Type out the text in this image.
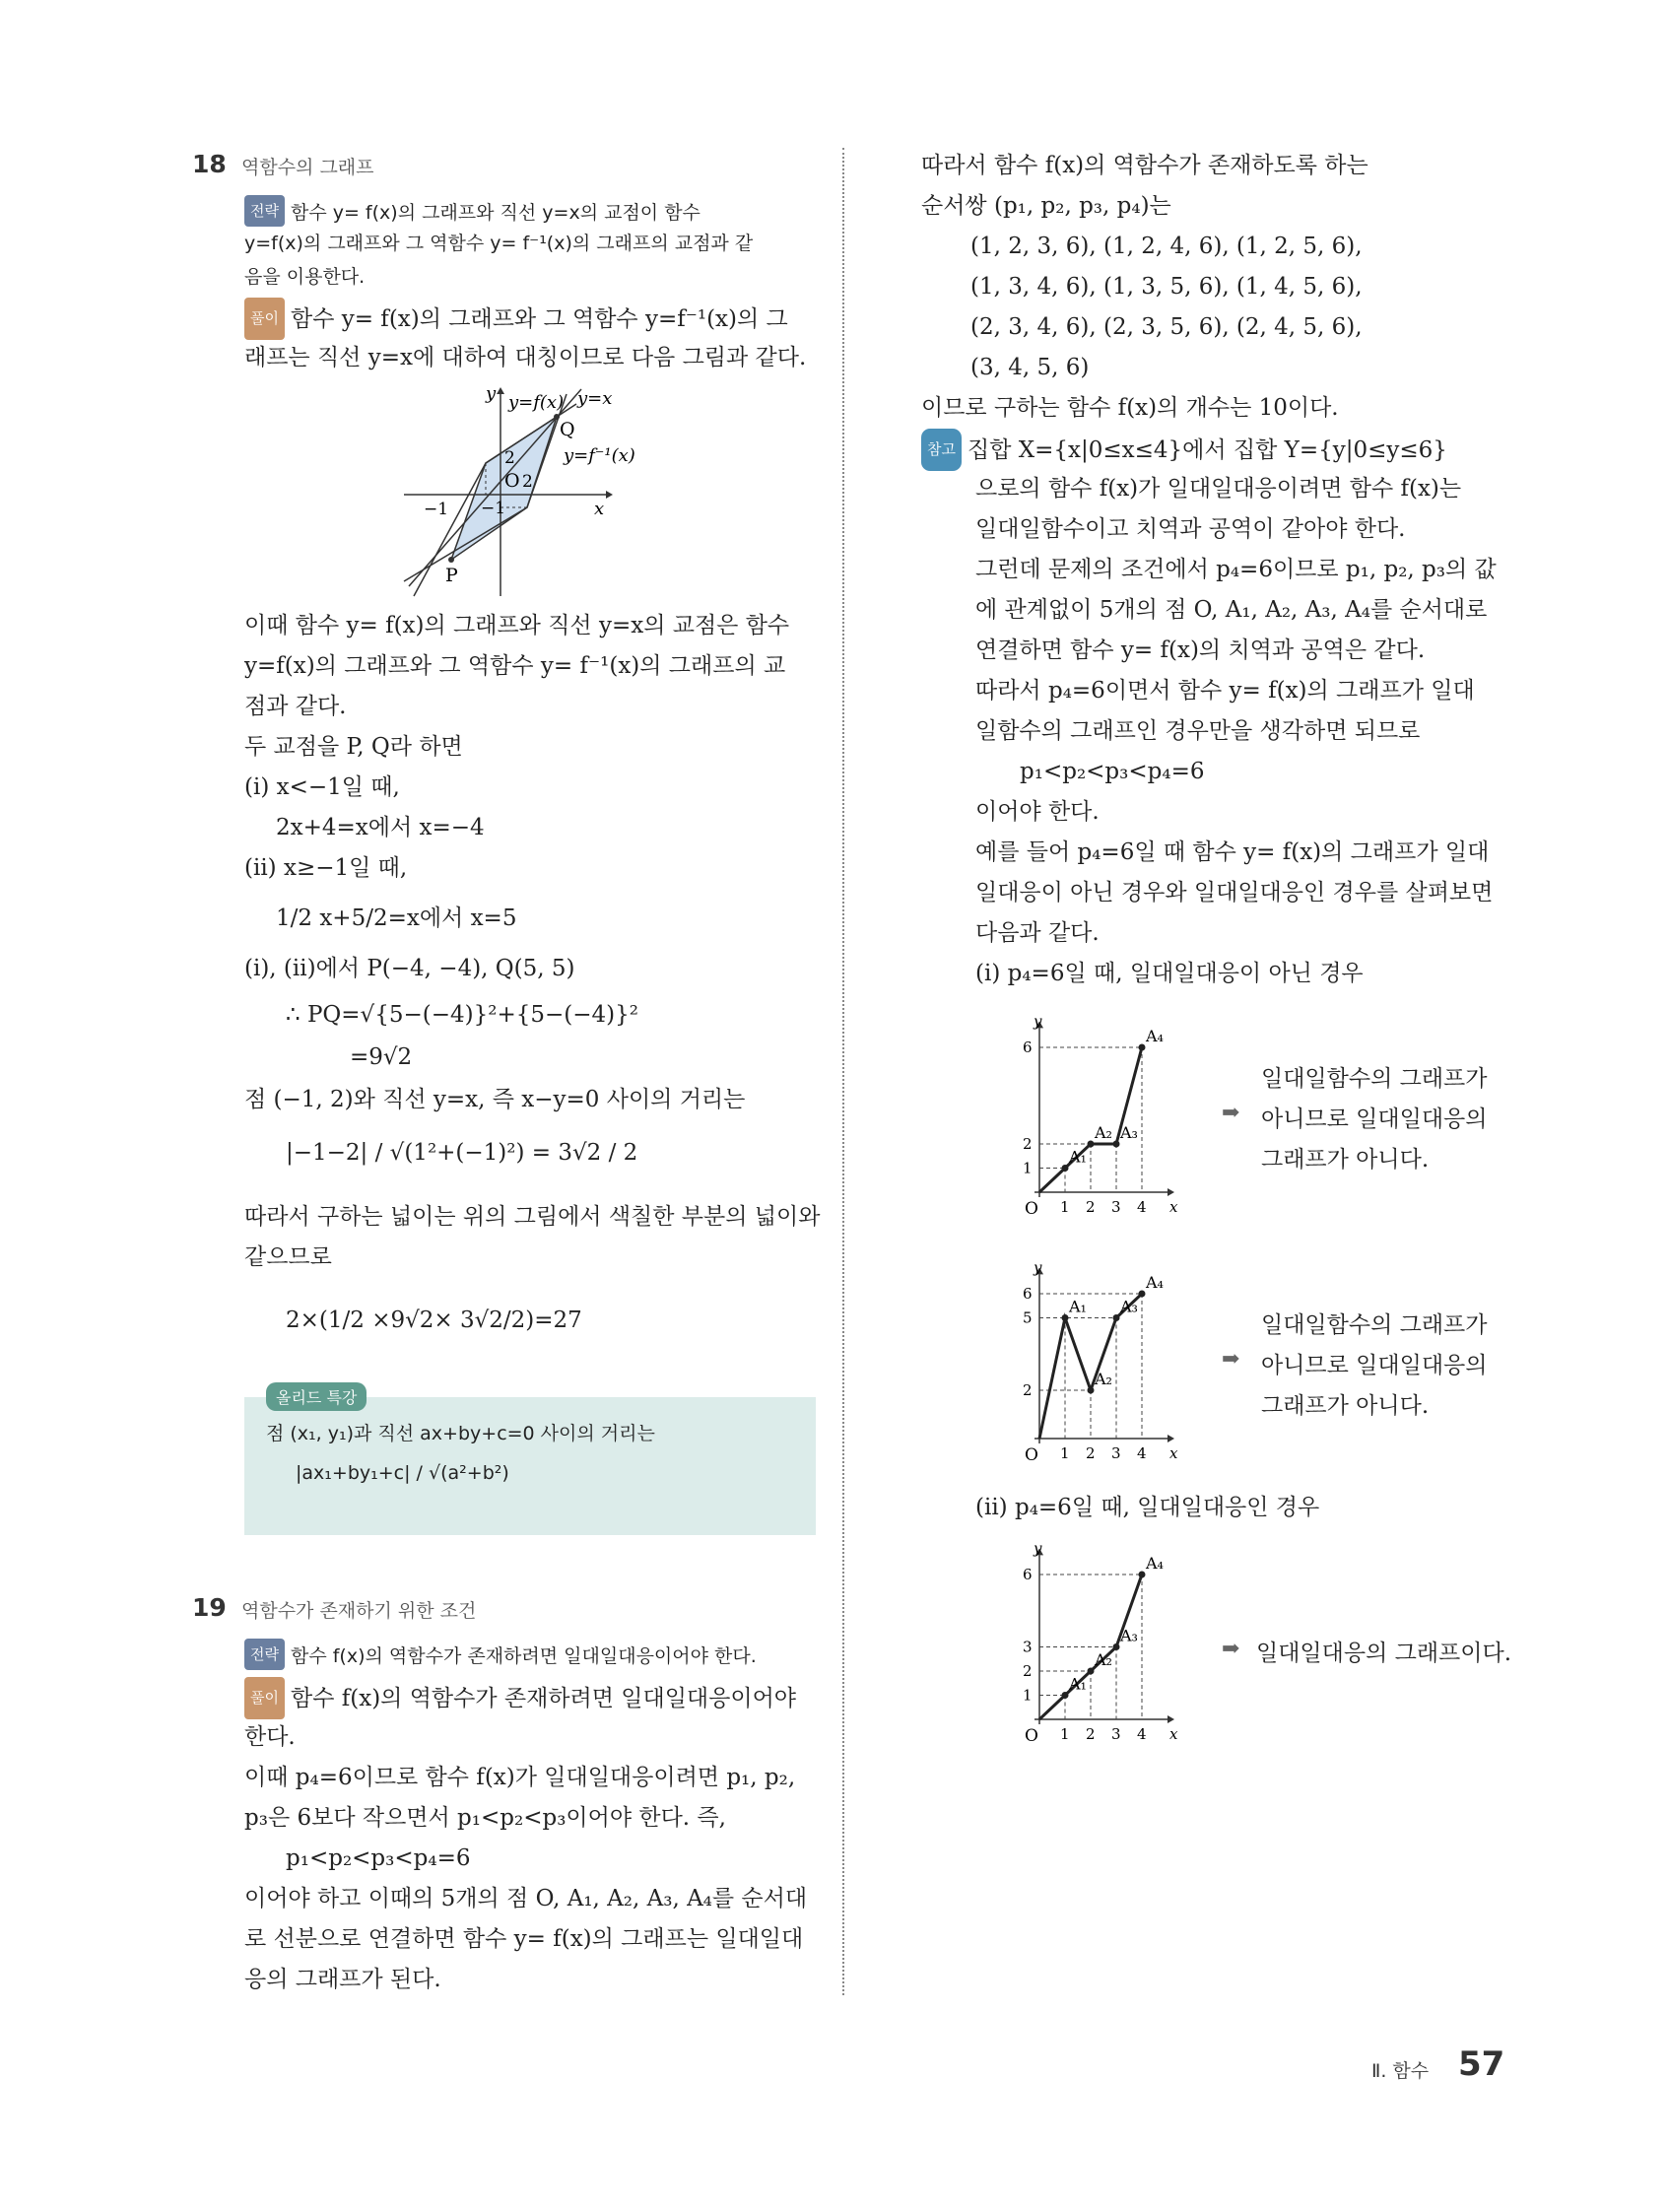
18 역함수의 그래프
전략 함수 y= f(x)의 그래프와 직선 y=x의 교점이 함수
y=f(x)의 그래프와 그 역함수 y= f⁻¹(x)의 그래프의 교점과 같
음을 이용한다.
풀이 함수 y= f(x)의 그래프와 그 역함수 y=f⁻¹(x)의 그
래프는 직선 y=x에 대하여 대칭이므로 다음 그림과 같다.
y
x
y=f(x) y=x
y=f⁻¹(x)
Q
P
O
2
2
−1 −1
이때 함수 y= f(x)의 그래프와 직선 y=x의 교점은 함수
y=f(x)의 그래프와 그 역함수 y= f⁻¹(x)의 그래프의 교
점과 같다.
두 교점을 P, Q라 하면
(i) x<−1일 때,
2x+4=x에서 x=−4
(ii) x≥−1일 때,
1/2 x+5/2=x에서 x=5
(i), (ii)에서 P(−4, −4), Q(5, 5)
∴ PQ=√{5−(−4)}²+{5−(−4)}²
=9√2
점 (−1, 2)와 직선 y=x, 즉 x−y=0 사이의 거리는
|−1−2| / √(1²+(−1)²) = 3√2 / 2
따라서 구하는 넓이는 위의 그림에서 색칠한 부분의 넓이와
같으므로
2×(1/2 ×9√2× 3√2/2)=27
올리드 특강
점 (x₁, y₁)과 직선 ax+by+c=0 사이의 거리는
|ax₁+by₁+c| / √(a²+b²)
19 역함수가 존재하기 위한 조건
전략 함수 f(x)의 역함수가 존재하려면 일대일대응이어야 한다.
풀이 함수 f(x)의 역함수가 존재하려면 일대일대응이어야
한다.
이때 p₄=6이므로 함수 f(x)가 일대일대응이려면 p₁, p₂,
p₃은 6보다 작으면서 p₁<p₂<p₃이어야 한다. 즉,
p₁<p₂<p₃<p₄=6
이어야 하고 이때의 5개의 점 O, A₁, A₂, A₃, A₄를 순서대
로 선분으로 연결하면 함수 y= f(x)의 그래프는 일대일대
응의 그래프가 된다.
따라서 함수 f(x)의 역함수가 존재하도록 하는
순서쌍 (p₁, p₂, p₃, p₄)는
(1, 2, 3, 6), (1, 2, 4, 6), (1, 2, 5, 6),
(1, 3, 4, 6), (1, 3, 5, 6), (1, 4, 5, 6),
(2, 3, 4, 6), (2, 3, 5, 6), (2, 4, 5, 6),
(3, 4, 5, 6)
이므로 구하는 함수 f(x)의 개수는 10이다.
참고 집합 X={x|0≤x≤4}에서 집합 Y={y|0≤y≤6}
으로의 함수 f(x)가 일대일대응이려면 함수 f(x)는
일대일함수이고 치역과 공역이 같아야 한다.
그런데 문제의 조건에서 p₄=6이므로 p₁, p₂, p₃의 값
에 관계없이 5개의 점 O, A₁, A₂, A₃, A₄를 순서대로
연결하면 함수 y= f(x)의 치역과 공역은 같다.
따라서 p₄=6이면서 함수 y= f(x)의 그래프가 일대
일함수의 그래프인 경우만을 생각하면 되므로
p₁<p₂<p₃<p₄=6
이어야 한다.
예를 들어 p₄=6일 때 함수 y= f(x)의 그래프가 일대
일대응이 아닌 경우와 일대일대응인 경우를 살펴보면
다음과 같다.
(i) p₄=6일 때, 일대일대응이 아닌 경우
x
y
O 1 2 3 4
1
2
6
A₁
A₂ A₃
A₄
➡
일대일함수의 그래프가
아니므로 일대일대응의
그래프가 아니다.
x
y
O 1 2 3 4
2
5
6
A₁
A₂
A₃
A₄
➡
일대일함수의 그래프가
아니므로 일대일대응의
그래프가 아니다.
(ii) p₄=6일 때, 일대일대응인 경우
x
y
O 1 2 3 4
1
2
3
6
A₁
A₂
A₃
A₄
➡ 일대일대응의 그래프이다.
Ⅱ. 함수 57
